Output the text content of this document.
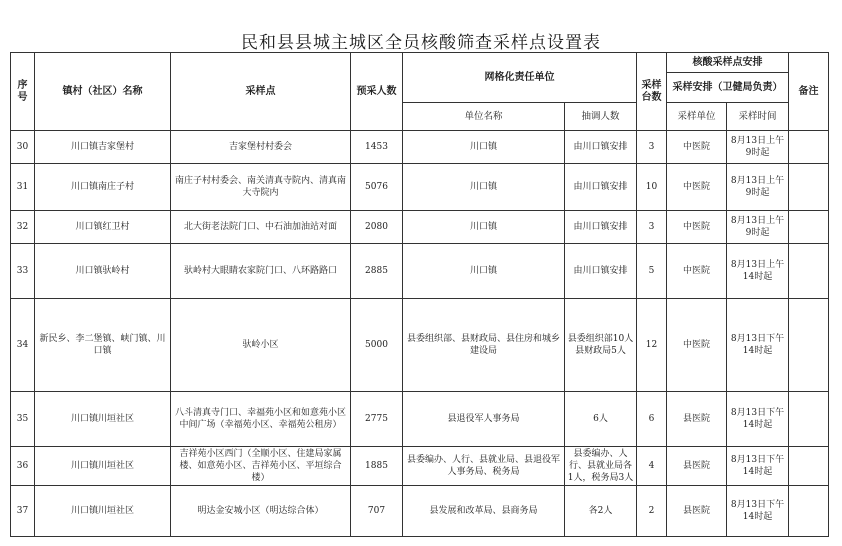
民和县县城主城区全员核酸筛查采样点设置表
序号	镇村（社区）名称	采样点	预采人数	网格化责任单位		采样台数	核酸采样点安排		备注
							采样安排（卫健局负责）		
				单位名称	抽调人数		采样单位	采样时间	
30	川口镇吉家堡村	吉家堡村村委会	1453	川口镇	由川口镇安排	3	中医院	8月13日上午9时起	
31	川口镇南庄子村	南庄子村村委会、南关清真寺院内、清真南大寺院内	5076	川口镇	由川口镇安排	10	中医院	8月13日上午9时起	
32	川口镇红卫村	北大街老法院门口、中石油加油站对面	2080	川口镇	由川口镇安排	3	中医院	8月13日上午9时起	
33	川口镇驮岭村	驮岭村大眼睛农家院门口、八环路路口	2885	川口镇	由川口镇安排	5	中医院	8月13日上午14时起	
34	新民乡、李二堡镇、峡门镇、川口镇	驮岭小区	5000	县委组织部、县财政局、县住房和城乡建设局	县委组织部10人县财政局5人	12	中医院	8月13日下午14时起	
35	川口镇川垣社区	八斗清真寺门口、幸福苑小区和如意苑小区中间广场（幸福苑小区、幸福苑公租房）	2775	县退役军人事务局	6人	6	县医院	8月13日下午14时起	
36	川口镇川垣社区	吉祥苑小区西门（全顺小区、住建局家属楼、如意苑小区、吉祥苑小区、平垣综合楼）	1885	县委编办、人行、县就业局、县退役军人事务局、税务局	县委编办、人行、县就业局各1人，税务局3人	4	县医院	8月13日下午14时起	
37	川口镇川垣社区	明达金安城小区（明达综合体）	707	县发展和改革局、县商务局	各2人	2	县医院	8月13日下午14时起	
